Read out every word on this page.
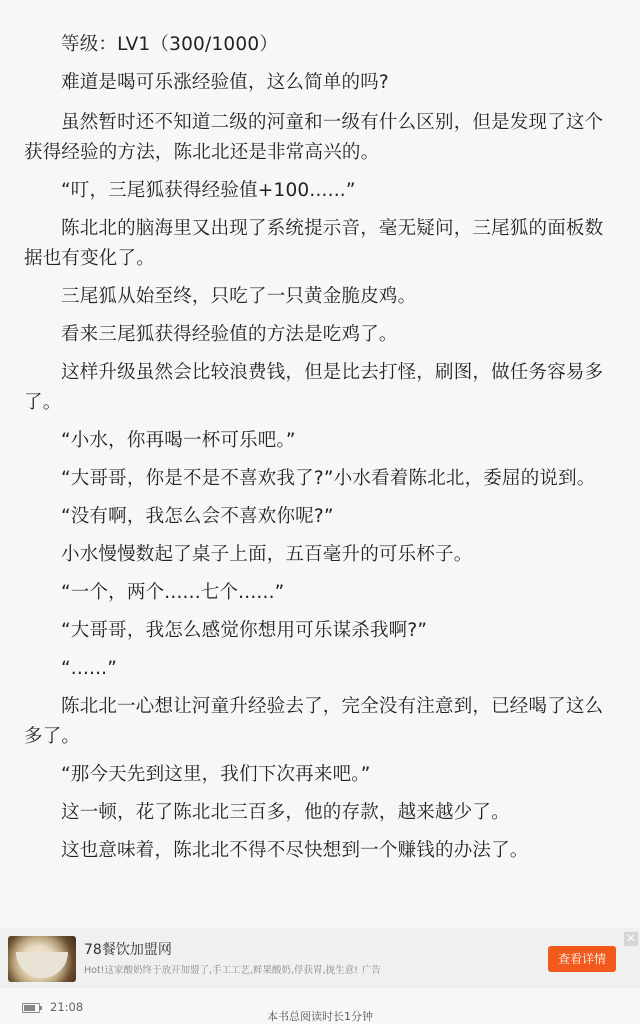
等级：LV1（300/1000）

难道是喝可乐涨经验值，这么简单的吗?

虽然暂时还不知道二级的河童和一级有什么区别，但是发现了这个获得经验的方法，陈北北还是非常高兴的。

“叮，三尾狐获得经验值+100......”

陈北北的脑海里又出现了系统提示音，毫无疑问，三尾狐的面板数据也有变化了。

三尾狐从始至终，只吃了一只黄金脆皮鸡。

看来三尾狐获得经验值的方法是吃鸡了。

这样升级虽然会比较浪费钱，但是比去打怪，刷图，做任务容易多了。

“小水，你再喝一杯可乐吧。”

“大哥哥，你是不是不喜欢我了?”小水看着陈北北，委屈的说到。

“没有啊，我怎么会不喜欢你呢?”

小水慢慢数起了桌子上面，五百毫升的可乐杯子。

“一个，两个......七个......”

“大哥哥，我怎么感觉你想用可乐谋杀我啊?”

“......”

陈北北一心想让河童升经验去了，完全没有注意到，已经喝了这么多了。

“那今天先到这里，我们下次再来吧。”

这一顿，花了陈北北三百多，他的存款，越来越少了。

这也意味着，陈北北不得不尽快想到一个赚钱的办法了。

78餐饮加盟网
Hot!这家酸奶终于放开加盟了,手工工艺,鲜果酸奶,俘获胃,拢生意! 广告
查看详情
✕
21:08
本书总阅读时长1分钟
